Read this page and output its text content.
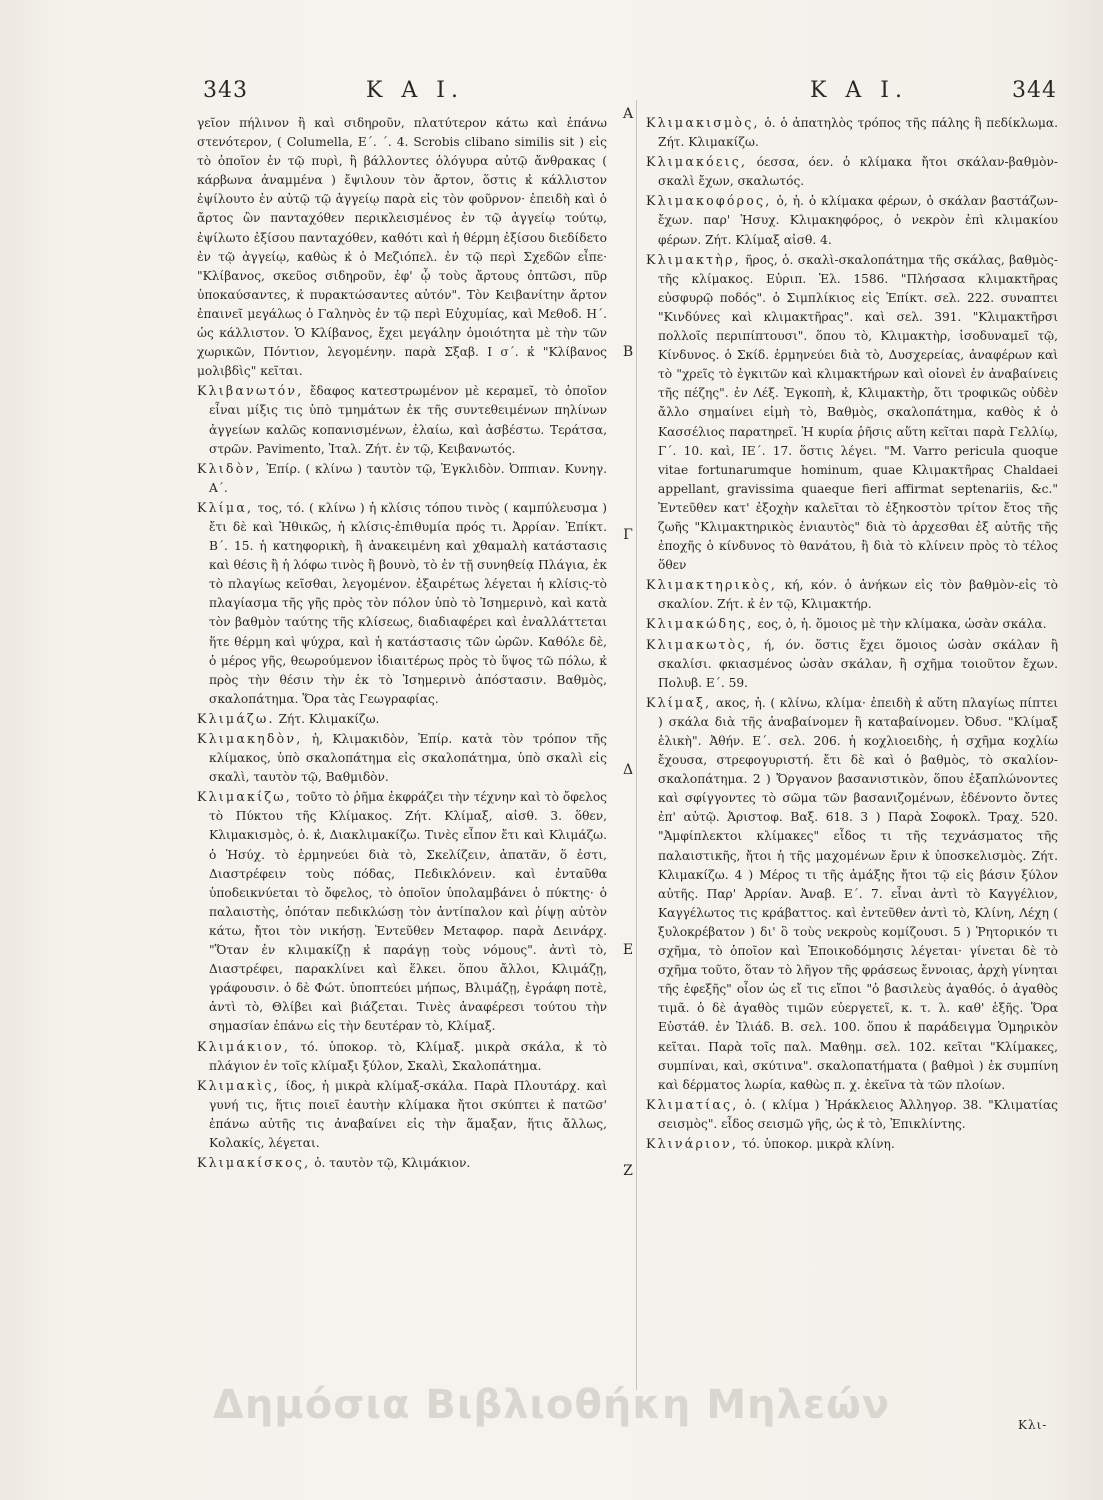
343	Κ Α Ι.	Κ Α Ι.	344
Α
Β
Γ
Δ
Ε
Ζ

γεῖον πήλινον ἢ καὶ σιδηροῦν, πλατύτερον κάτω καὶ ἐπάνω στενότερον, ( Columella, Ε΄. ΄. 4. Scrobis clibano similis sit ) εἰς τὸ ὁποῖον ἐν τῷ πυρὶ, ἢ βάλλοντες ὁλόγυρα αὐτῷ ἄνθρακας ( κάρβωνα ἀναμμένα ) ἔψιλουν τὸν ἄρτον, ὅστις κ̓ κάλλιστον ἐψίλουτο ἐν αὐτῷ τῷ ἀγγείῳ παρὰ εἰς τὸν φοῦρνον· ἐπειδὴ καὶ ὁ ἄρτος ὢν πανταχόθεν περικλεισμένος ἐν τῷ ἀγγείῳ τούτῳ, ἐψίλωτο ἐξίσου πανταχόθεν, καθότι καὶ ἡ θέρμη ἐξίσου διεδίδετο ἐν τῷ ἀγγείῳ, καθὼς κ̓ ὁ Μεζιόπελ. ἐν τῷ περὶ Σχεδῶν εἶπε· "Κλίβανος, σκεῦος σιδηροῦν, ἐφ' ᾧ τοὺς ἄρτους ὀπτῶσι, πῦρ ὑποκαύσαντες, κ̓ πυρακτώσαντες αὐτόν". Τὸν Κειβανίτην ἄρτον ἐπαινεῖ μεγάλως ὁ Γαληνὸς ἐν τῷ περὶ Εὐχυμίας, καὶ Μεθοδ. Η΄. ὡς κάλλιστον. Ὁ Κλίβανος, ἔχει μεγάλην ὁμοιότητα μὲ τὴν τῶν χωρικῶν, Πόντιον, λεγομένην. παρὰ Σξαβ. Ι σ΄. κ̓ "Κλίβανος μολιβδὶς" κεῖται.

Κλιβανωτόν, ἔδαφος κατεστρωμένον μὲ κεραμεῖ, τὸ ὁποῖον εἶναι μίξις τις ὑπὸ τμημάτων ἐκ τῆς συντεθειμένων πηλίνων ἀγγείων καλῶς κοπανισμένων, ἐλαίω, καὶ ἀσβέστω. Τεράτσα, στρῶν. Pavimento, Ἰταλ. Ζήτ. ἐν τῷ, Κειβανωτός.

Κλιδὸν, Ἐπίρ. ( κλίνω ) ταυτὸν τῷ, Ἐγκλιδὸν. Ὀππιαν. Κυνηγ. Α΄.

Κλίμα, τος, τό. ( κλίνω ) ἡ κλίσις τόπου τινὸς ( καμπύλευσμα ) ἔτι δὲ καὶ Ἠθικῶς, ἡ κλίσις-ἐπιθυμία πρός τι. Ἀρρίαν. Ἐπίκτ. Β΄. 15. ἡ κατηφορικὴ, ἢ ἀνακειμένη καὶ χθαμαλὴ κατάστασις καὶ θέσις ἢ ἡ λόφω τινὸς ἢ βουνὸ, τὸ ἐν τῇ συνηθείᾳ Πλάγια, ἐκ τὸ πλαγίως κεῖσθαι, λεγομένον. ἐξαιρέτως λέγεται ἡ κλίσις-τὸ πλαγίασμα τῆς γῆς πρὸς τὸν πόλον ὑπὸ τὸ Ἰσημερινὸ, καὶ κατὰ τὸν βαθμὸν ταύτης τῆς κλίσεως, διαδιαφέρει καὶ ἐναλλάττεται ἥτε θέρμη καὶ ψύχρα, καὶ ἡ κατάστασις τῶν ὡρῶν. Καθόλε δὲ, ὁ μέρος γῆς, θεωρούμενον ἰδιαιτέρως πρὸς τὸ ὕψος τῶ πόλω, κ̓ πρὸς τὴν θέσιν τὴν ἐκ τὸ Ἰσημερινὸ ἀπόστασιν. Βαθμὸς, σκαλοπάτημα. Ὅρα τὰς Γεωγραφίας.

Κλιμάζω. Ζήτ. Κλιμακίζω.

Κλιμακηδὸν, ἡ, Κλιμακιδὸν, Ἐπίρ. κατὰ τὸν τρόπον τῆς κλίμακος, ὑπὸ σκαλοπάτημα εἰς σκαλοπάτημα, ὑπὸ σκαλὶ εἰς σκαλὶ, ταυτὸν τῷ, Βαθμιδὸν.

Κλιμακίζω, τοῦτο τὸ ῥῆμα ἐκφράζει τὴν τέχνην καὶ τὸ ὄφελος τὸ Πύκτου τῆς Κλίμακος. Ζήτ. Κλίμαξ, αἰσθ. 3. ὅθεν, Κλιμακισμὸς, ὁ. κ̓, Διακλιμακίζω. Τινὲς εἶπον ἔτι καὶ Κλιμάζω. ὁ Ἡσύχ. τὸ ἑρμηνεύει διὰ τὸ, Σκελίζειν, ἀπατᾶν, ὅ ἐστι, Διαστρέφειν τοὺς πόδας, Πεδικλόνειν. καὶ ἐνταῦθα ὑποδεικνύεται τὸ ὄφελος, τὸ ὁποῖον ὑπολαμβάνει ὁ πύκτης· ὁ παλαιστὴς, ὁπόταν πεδικλώσῃ τὸν ἀντίπαλον καὶ ῥίψῃ αὐτὸν κάτω, ἤτοι τὸν νικήσῃ. Ἐντεῦθεν Μεταφορ. παρὰ Δεινάρχ. "Ὅταν ἐν κλιμακίζῃ κ̓ παράγῃ τοὺς νόμους". ἀντὶ τὸ, Διαστρέφει, παρακλίνει καὶ ἕλκει. ὅπου ἄλλοι, Κλιμάζῃ, γράφουσιν. ὁ δὲ Φώτ. ὑποπτεύει μήπως, Βλιμάζῃ, ἐγράφη ποτὲ, ἀντὶ τὸ, Θλίβει καὶ βιάζεται. Τινὲς ἀναφέρεσι τούτου τὴν σημασίαν ἐπάνω εἰς τὴν δευτέραν τὸ, Κλίμαξ.

Κλιμάκιον, τό. ὑποκορ. τὸ, Κλίμαξ. μικρὰ σκάλα, κ̓ τὸ πλάγιον ἐν τοῖς κλίμαξι ξύλον, Σκαλὶ, Σκαλοπάτημα.

Κλιμακὶς, ίδος, ἡ μικρὰ κλίμαξ-σκάλα. Παρὰ Πλουτάρχ. καὶ γυνή τις, ἥτις ποιεῖ ἑαυτὴν κλίμακα ἤτοι σκύπτει κ̓ πατῶσ' ἐπάνω αὐτῆς τις ἀναβαίνει εἰς τὴν ἅμαξαν, ἥτις ἄλλως, Κολακίς, λέγεται.

Κλιμακίσκος, ὁ. ταυτὸν τῷ, Κλιμάκιον.

Κλιμακισμὸς, ὁ. ὁ ἀπατηλὸς τρόπος τῆς πάλης ἢ πεδίκλωμα. Ζήτ. Κλιμακίζω.

Κλιμακόεις, όεσσα, όεν. ὁ κλίμακα ἤτοι σκάλαν-βαθμὸν-σκαλὶ ἔχων, σκαλωτός.

Κλιμακοφόρος, ὁ, ἡ. ὁ κλίμακα φέρων, ὁ σκάλαν βαστάζων-ἔχων. παρ' Ἡσυχ. Κλιμακηφόρος, ὁ νεκρὸν ἐπὶ κλιμακίου φέρων. Ζήτ. Κλίμαξ αἰσθ. 4.

Κλιμακτὴρ, ῆρος, ὁ. σκαλὶ-σκαλοπάτημα τῆς σκάλας, βαθμὸς-τῆς κλίμακος. Εὐριπ. Ἑλ. 1586. "Πλήσασα κλιμακτῆρας εὐσφυρῷ ποδός". ὁ Σιμπλίκιος εἰς Ἐπίκτ. σελ. 222. συναπτει "Κινδύνες καὶ κλιμακτῆρας". καὶ σελ. 391. "Κλιμακτῆρσι πολλοῖς περιπίπτουσι". ὅπου τὸ, Κλιμακτὴρ, ἰσοδυναμεῖ τῷ, Κίνδυνος. ὁ Σκίδ. ἑρμηνεύει διὰ τὸ, Δυσχερείας, ἀναφέρων καὶ τὸ "χρεῖς τὸ ἐγκιτῶν καὶ κλιμακτήρων καὶ οἰονεὶ ἐν ἀναβαίνεις τῆς πέζης". ἐν Λέξ. Ἐγκοπὴ, κ̓, Κλιμακτὴρ, ὅτι τροφικῶς οὐδὲν ἄλλο σημαίνει εἰμὴ τὸ, Βαθμὸς, σκαλοπάτημα, καθὸς κ̓ ὁ Κασσέλιος παρατηρεῖ. Ἡ κυρία ῥῆσις αὕτη κεῖται παρὰ Γελλίῳ, Γ΄. 10. καὶ, ΙΕ΄. 17. ὅστις λέγει. "M. Varro pericula quoque vitae fortunarumque hominum, quae Κλιμακτῆρας Chaldaei appellant, gravissima quaeque fieri affirmat septenariis, &c." Ἐντεῦθεν κατ' ἐξοχὴν καλεῖται τὸ ἑξηκοστὸν τρίτον ἔτος τῆς ζωῆς "Κλιμακτηρικὸς ἐνιαυτὸς" διὰ τὸ ἀρχεσθαι ἐξ αὐτῆς τῆς ἐποχῆς ὁ κίνδυνος τὸ θανάτου, ἢ διὰ τὸ κλίνειν πρὸς τὸ τέλος ὅθεν

Κλιμακτηρικὸς, κή, κόν. ὁ ἀνήκων εἰς τὸν βαθμὸν-εἰς τὸ σκαλίον. Ζήτ. κ̓ ἐν τῷ, Κλιμακτήρ.

Κλιμακώδης, εος, ὁ, ἡ. ὅμοιος μὲ τὴν κλίμακα, ὡσὰν σκάλα.

Κλιμακωτὸς, ή, όν. ὅστις ἔχει ὅμοιος ὡσὰν σκάλαν ἢ σκαλίσι. φκιασμένος ὡσὰν σκάλαν, ἢ σχῆμα τοιοῦτον ἔχων. Πολυβ. Ε΄. 59.

Κλίμαξ, ακος, ἡ. ( κλίνω, κλίμα· ἐπειδὴ κ̓ αὕτη πλαγίως πίπτει ) σκάλα διὰ τῆς ἀναβαίνομεν ἢ καταβαίνομεν. Ὀδυσ. "Κλίμαξ ἑλικὴ". Ἀθήν. Ε΄. σελ. 206. ἡ κοχλιοειδὴς, ἡ σχῆμα κοχλίω ἔχουσα, στρεφογυριστή. ἔτι δὲ καὶ ὁ βαθμὸς, τὸ σκαλίον-σκαλοπάτημα. 2 ) Ὄργανον βασανιστικὸν, ὅπου ἐξαπλώνοντες καὶ σφίγγοντες τὸ σῶμα τῶν βασανιζομένων, ἐδένοντο ὄντες ἐπ' αὐτῷ. Ἀριστοφ. Βαξ. 618. 3 ) Παρὰ Σοφοκλ. Τραχ. 520. "Ἀμφίπλεκτοι κλίμακες" εἶδος τι τῆς τεχνάσματος τῆς παλαιστικῆς, ἤτοι ἡ τῆς μαχομένων ἔριν κ̓ ὑποσκελισμὸς. Ζήτ. Κλιμακίζω. 4 ) Μέρος τι τῆς ἁμάξης ἤτοι τῷ εἰς βάσιν ξύλον αὐτῆς. Παρ' Ἀρρίαν. Ἀναβ. Ε΄. 7. εἶναι ἀντὶ τὸ Καγγέλιον, Καγγέλωτος τις κράβαττος. καὶ ἐντεῦθεν ἀντὶ τὸ, Κλίνη, Λέχη ( ξυλοκρέβατον ) δι' ὃ τοὺς νεκροὺς κομίζουσι. 5 ) Ῥητορικόν τι σχῆμα, τὸ ὁποῖον καὶ Ἐποικοδόμησις λέγεται· γίνεται δὲ τὸ σχῆμα τοῦτο, ὅταν τὸ λῆγον τῆς φράσεως ἔννοιας, ἀρχὴ γίνηται τῆς ἐφεξῆς" οἷον ὡς εἴ τις εἴποι "ὁ βασιλεὺς ἀγαθός. ὁ ἀγαθὸς τιμᾶ. ὁ δὲ ἀγαθὸς τιμῶν εὐεργετεῖ, κ. τ. λ. καθ' ἑξῆς. Ὅρα Εὐστάθ. ἐν Ἰλιάδ. Β. σελ. 100. ὅπου κ̓ παράδειγμα Ὁμηρικὸν κεῖται. Παρὰ τοῖς παλ. Μαθημ. σελ. 102. κεῖται "Κλίμακες, συμπίναι, καὶ, σκύτινα". σκαλοπατήματα ( βαθμοὶ ) ἐκ συμπίνη καὶ δέρματος λωρία, καθὼς π. χ. ἐκεῖνα τὰ τῶν πλοίων.

Κλιματίας, ὁ. ( κλίμα ) Ἡράκλειος Ἀλληγορ. 38. "Κλιματίας σεισμὸς". εἶδος σεισμῶ γῆς, ὡς κ̓ τὸ, Ἐπικλίντης.

Κλινάριον, τό. ὑποκορ. μικρὰ κλίνη.

Κλι-
Δημόσια Βιβλιοθήκη Μηλεών
